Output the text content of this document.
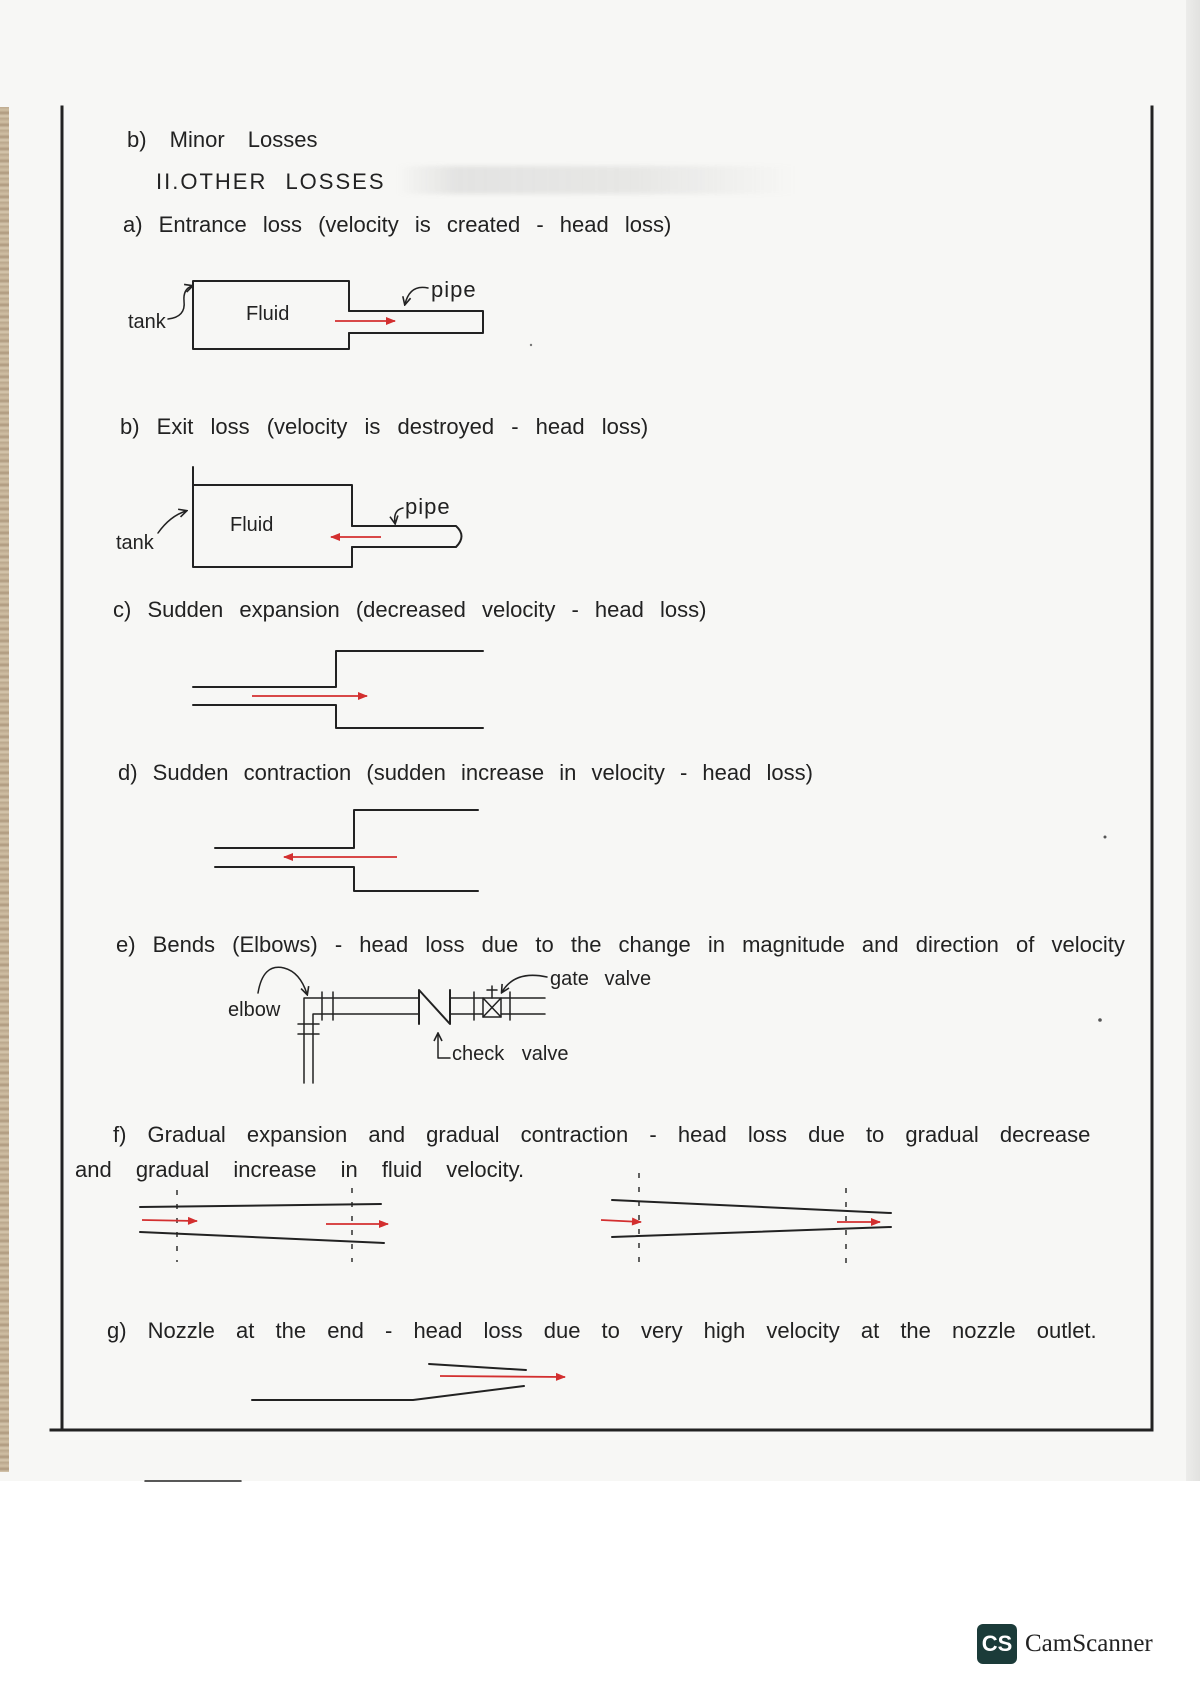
b) Minor Losses
II.OTHER LOSSES
a) Entrance loss (velocity is created - head loss)
Fluid
tank
pipe
b) Exit loss (velocity is destroyed - head loss)
Fluid
tank
pipe
c) Sudden expansion (decreased velocity - head loss)
d) Sudden contraction (sudden increase in velocity - head loss)
e) Bends (Elbows) - head loss due to the change in magnitude and direction of velocity
elbow
gate valve
check valve
f) Gradual expansion and gradual contraction - head loss due to gradual decrease
and gradual increase in fluid velocity.
g) Nozzle at the end - head loss due to very high velocity at the nozzle outlet.
CS CamScanner
